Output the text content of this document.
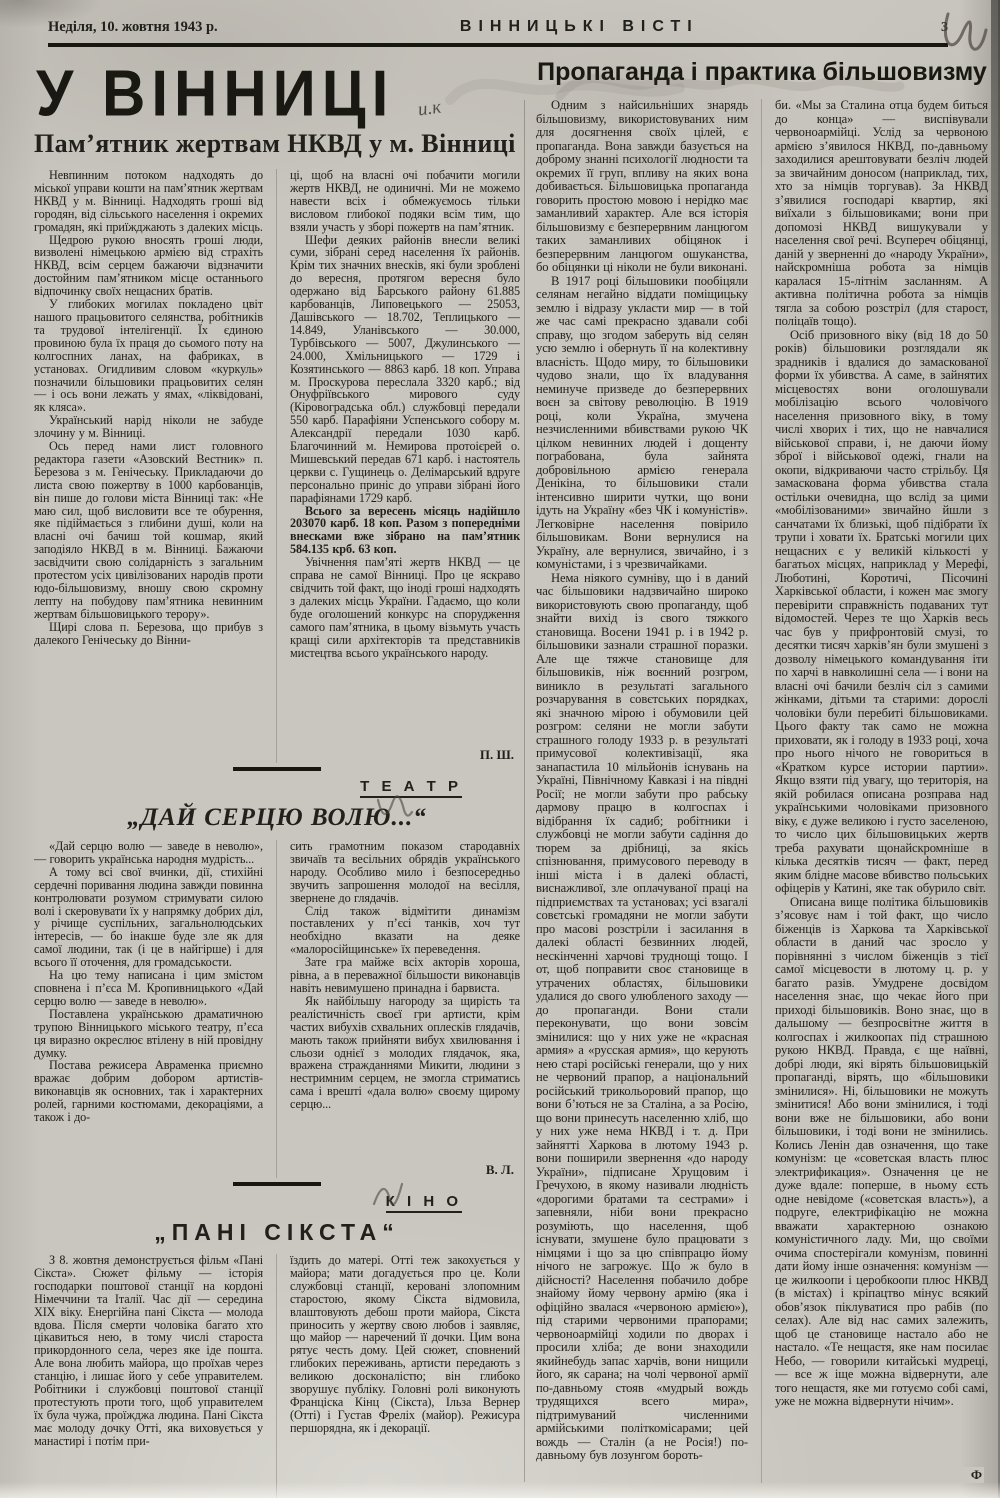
Неділя, 10. жовтня 1943 р.	ВІННИЦЬКІ ВІСТІ	3
У ВІННИЦІ
Пам’ятник жертвам НКВД у м. Вінниці

Невпинним потоком надходять до міської управи кошти на пам’ятник жертвам НКВД у м. Вінниці. Надходять гроші від городян, від сільського населення і окремих громадян, які приїжджають з далеких місць.

Щедрою рукою вносять гроші люди, визволені німецькою армією від страхіть НКВД, всім серцем бажаючи відзначити достойним пам’ятником місце останнього відпочинку своїх нещасних братів.

У глибоких могилах покладено цвіт нашого працьовитого селянства, робітників та трудової інтелігенції. Їх єдиною провиною була їх праця до сьомого поту на колгоспних ланах, на фабриках, в установах. Огидливим словом «куркуль» позначили більшовики працьовитих селян — і ось вони лежать у ямах, «ліквідовані, як кляса».

Український нарід ніколи не забуде злочину у м. Вінниці.

Ось перед нами лист головного редактора газети «Азовский Вестник» п. Березова з м. Генічеську. Прикладаючи до листа свою пожертву в 1000 карбованців, він пише до голови міста Вінниці так: «Не маю сил, щоб висловити все те обурення, яке підіймається з глибини душі, коли на власні очі бачиш той кошмар, який заподіяло НКВД в м. Вінниці. Бажаючи засвідчити свою солідарність з загальним протестом усіх цивілізованих народів проти юдо-більшовизму, вношу свою скромну лепту на побудову пам’ятника невинним жертвам більшовицького терору».

Щирі слова п. Березова, що прибув з далекого Генічеську до Вінни-

ці, щоб на власні очі побачити могили жертв НКВД, не одиничні. Ми не можемо навести всіх і обмежуємось тільки висловом глибокої подяки всім тим, що взяли участь у зборі пожертв на пам’ятник.

Шефи деяких районів внесли великі суми, зібрані серед населення їх районів. Крім тих значних внесків, які були зроблені до вересня, протягом вересня було одержано від Барського району 61.885 карбованців, Липовецького — 25053, Дашівського — 18.702, Теплицького — 14.849, Уланівського — 30.000, Турбівського — 5007, Джулинського — 24.000, Хмільницького — 1729 і Козятинського — 8863 карб. 18 коп. Управа м. Проскурова переслала 3320 карб.; від Онуфріївського мирового суду (Кіровоградська обл.) службовці передали 550 карб. Парафіяни Успенського собору м. Александрії передали 1030 карб. Благочинний м. Немирова протоієрей о. Мишевський передав 671 карб. і настоятель церкви с. Гущинець о. Делімарський вдруге персонально приніс до управи зібрані його парафіянами 1729 карб.

Всього за вересень місяць надійшло 203070 карб. 18 коп. Разом з попередніми внесками вже зібрано на пам’ятник 584.135 крб. 63 коп.

Увічнення пам’яті жертв НКВД — це справа не самої Вінниці. Про це яскраво свідчить той факт, що іноді гроші надходять з далеких місць України. Гадаємо, що коли буде оголошений конкурс на спорудження самого пам’ятника, в цьому візьмуть участь кращі сили архітекторів та представників мистецтва всього українського народу.

П. Ш.
Т Е А Т Р
„ДАЙ СЕРЦЮ ВОЛЮ...“

«Дай серцю волю — заведе в неволю», — говорить українська народня мудрість...

А тому всі свої вчинки, дії, стихійні сердечні поривання людина завжди повинна контролювати розумом стримувати силою волі і скеровувати їх у напрямку добрих діл, у річище суспільних, загальнолюдських інтересів, — бо інакше буде зле як для самої людини, так (і це в найгірше) і для всього її оточення, для громадськости.

На цю тему написана і цим змістом сповнена і п’єса М. Кропивницького «Дай серцю волю — заведе в неволю».

Поставлена українською драматичною трупою Вінницького міського театру, п’єса ця виразно окреслює втілену в ній провідну думку.

Постава режисера Авраменка приємно вражає добрим добором артистів-виконавців як основних, так і характерних ролей, гарними костюмами, декораціями, а також і до-

сить грамотним показом стародавніх звичаїв та весільних обрядів українського народу. Особливо мило і безпосередньо звучить запрошення молодої на весілля, звернене до глядачів.

Слід також відмітити динамізм поставлених у п’єсі танків, хоч тут необхідно вказати на деяке «малоросійщинське» їх переведення.

Зате гра майже всіх акторів хороша, рівна, а в переважної більшости виконавців навіть невимушено принадна і барвиста.

Як найбільшу нагороду за щирість та реалістичність своєї гри артисти, крім частих вибухів схвальних оплесків глядачів, мають також прийняти вибух хвилювання і сльози однієї з молодих глядачок, яка, вражена стражданнями Микити, людини з нестримним серцем, не змогла стриматись сама і врешті «дала волю» своєму щирому серцю...

В. Л.
К І Н О
„ПАНІ СІКСТА“

З 8. жовтня демонструється фільм «Пані Сікста». Сюжет фільму — історія господарки поштової станції на кордоні Німеччини та Італії. Час дії — середина XIX віку. Енергійна пані Сікста — молода вдова. Після смерти чоловіка багато хто цікавиться нею, в тому числі староста прикордонного села, через яке іде пошта. Але вона любить майора, що проїхав через станцію, і лишає його у себе управителем. Робітники і службовці поштової станції протестують проти того, щоб управителем їх була чужа, проїжджа людина. Пані Сікста має молоду дочку Отті, яка виховується у манастирі і потім при-

їздить до матері. Отті теж закохується у майора; мати догадується про це. Коли службовці станції, керовані злопомним старостою, якому Сікста відмовила, влаштовують дебош проти майора, Сікста приносить у жертву свою любов і заявляє, що майор — наречений її дочки. Цим вона рятує честь дому. Цей сюжет, сповнений глибоких переживань, артисти передають з великою досконалістю; він глибоко зворушує публіку. Головні ролі виконують Франціска Кінц (Сікста), Ільза Вернер (Отті) і Густав Фреліх (майор). Режисура першорядна, як і декорації.

Пропаганда і практика більшовизму

Одним з найсильніших знарядь більшовизму, використовуваних ним для досягнення своїх цілей, є пропаганда. Вона завжди базується на доброму знанні психології людности та окремих її груп, впливу на яких вона добивається. Більшовицька пропаганда говорить простою мовою і нерідко має заманливий характер. Але вся історія більшовизму є безперервним ланцюгом таких заманливих обіцянок і безперервним ланцюгом ошуканства, бо обіцянки ці ніколи не були виконані.

В 1917 році більшовики пообіцяли селянам негайно віддати поміщицьку землю і відразу укласти мир — в той же час самі прекрасно здавали собі справу, що згодом заберуть від селян усю землю і обернуть її на колективну власність. Щодо миру, то більшовики чудово знали, що їх владування неминуче призведе до безперервних воєн за світову революцію. В 1919 році, коли Україна, змучена незчисленними вбивствами рукою ЧК цілком невинних людей і дощенту пограбована, була зайнята добровільною армією генерала Денікіна, то більшовики стали інтенсивно ширити чутки, що вони ідуть на Україну «без ЧК і комуністів». Легковірне населення повірило більшовикам. Вони вернулися на Україну, але вернулися, звичайно, і з комуністами, і з чрезвичайками.

Нема ніякого сумніву, що і в даний час більшовики надзвичайно широко використовують свою пропаганду, щоб знайти вихід із свого тяжкого становища. Восени 1941 р. і в 1942 р. більшовики зазнали страшної поразки. Але ще тяжче становище для більшовиків, ніж воєнний розгром, виникло в результаті загального розчарування в совєтських порядках, які значною мірою і обумовили цей розгром: селяни не могли забути страшного голоду 1933 р. в результаті примусової колективізації, яка занапастила 10 мільйонів існувань на Україні, Північному Кавказі і на півдні Росії; не могли забути про рабську дармову працю в колгоспах і відібрання їх садиб; робітники і службовці не могли забути садіння до тюрем за дрібниці, за якісь спізнювання, примусового переводу в інші міста і в далекі області, виснажливої, зле оплачуваної праці на підприємствах та установах; усі взагалі совєтські громадяни не могли забути про масові розстріли і засилання в далекі області безвинних людей, нескінченні харчові труднощі тощо. І от, щоб поправити своє становище в утрачених областях, більшовики удалися до свого улюбленого заходу — до пропаганди. Вони стали переконувати, що вони зовсім змінилися: що у них уже не «красная армия» а «русская армия», що керують нею старі російські генерали, що у них не червоний прапор, а національний російський трикольоровий прапор, що вони б’ються не за Сталіна, а за Росію, що вони принесуть населенню хліб, що у них уже нема НКВД і т. д. При зайнятті Харкова в лютому 1943 р. вони поширили звернення «до народу України», підписане Хрущовим і Гречухою, в якому називали людність «дорогими братами та сестрами» і запевняли, ніби вони прекрасно розуміють, що населення, щоб існувати, змушене було працювати з німцями і що за цю співпрацю йому нічого не загрожує. Що ж було в дійсності? Населення побачило добре знайому йому червону армію (яка і офіційно звалася «червоною армією»), під старими червоними прапорами; червоноармійці ходили по дворах і просили хліба; де вони знаходили якийнебудь запас харчів, вони нищили його, як сарана; на чолі червоної армії по-давньому стояв «мудрый вождь трудящихся всего мира», підтримуваний численними армійськими політкомісарами; цей вождь — Сталін (а не Росія!) по-давньому був лозунгом бороть-

би. «Мы за Сталина отца будем биться до конца» — виспівували червоноармійці. Услід за червоною армією з’явилося НКВД, по-давньому заходилися арештовувати безліч людей за звичайним доносом (наприклад, тих, хто за німців торгував). За НКВД з’явилися господарі квартир, які виїхали з більшовиками; вони при допомозі НКВД вишукували у населення свої речі. Всупереч обіцянці, даній у зверненні до «народу України», найскромніша робота за німців каралася 15-літнім засланням. А активна політична робота за німців тягла за собою розстріл (для старост, поліцаїв тощо).

Осіб призовного віку (від 18 до 50 років) більшовики розглядали як зрадників і вдалися до замаскованої форми їх убивства. А саме, в зайнятих місцевостях вони оголошували мобілізацію всього чоловічого населення призовного віку, в тому числі хворих і тих, що не навчалися військової справи, і, не даючи йому зброї і військової одежі, гнали на окопи, відкриваючи часто стрільбу. Ця замаскована форма убивства стала остільки очевидна, що вслід за цими «мобілізованими» звичайно йшли з санчатами їх близькі, щоб підібрати їх трупи і ховати їх. Братські могили цих нещасних є у великій кількості у багатьох місцях, наприклад у Мерефі, Люботині, Коротичі, Пісочині Харківської области, і кожен має змогу перевірити справжність подаваних тут відомостей. Через те що Харків весь час був у прифронтовій смузі, то десятки тисяч харків’ян були змушені з дозволу німецького командування іти по харчі в навколишні села — і вони на власні очі бачили безліч сіл з самими жінками, дітьми та старими: дорослі чоловіки були перебиті більшовиками. Цього факту так само не можна приховати, як і голоду в 1933 році, хоча про нього нічого не говориться в «Кратком курсе истории партии». Якщо взяти під увагу, що територія, на якій робилася описана розправа над українськими чоловіками призовного віку, є дуже великою і густо заселеною, то число цих більшовицьких жертв треба рахувати щонайскромніше в кілька десятків тисяч — факт, перед яким блідне масове вбивство польських офіцерів у Катині, яке так обурило світ.

Описана вище політика більшовиків з’ясовує нам і той факт, що число біженців із Харкова та Харківської области в даний час зросло у порівнянні з числом біженців з тієї самої місцевости в лютому ц. р. у багато разів. Умудрене досвідом населення знає, що чекає його при приході більшовиків. Воно знає, що в дальшому — безпросвітне життя в колгоспах і жилкоопах під страшною рукою НКВД. Правда, є ще наївні, добрі люди, які вірять більшовицькій пропаганді, вірять, що «більшовики змінилися». Ні, більшовики не можуть змінитися! Або вони змінилися, і тоді вони вже не більшовики, або вони більшовики, і тоді вони не змінились. Колись Ленін дав означення, що таке комунізм: це «советская власть плюс электрификация». Означення це не дуже вдале: поперше, в ньому єсть одне невідоме («советская власть»), а подруге, електрифікацію не можна вважати характерною ознакою комуністичного ладу. Ми, що своїми очима спостерігали комунізм, повинні дати йому інше означення: комунізм — це жилкоопи і церобкоопи плюс НКВД (в містах) і кріпацтво мінус всякий обов’язок піклуватися про рабів (по селах). Але від нас самих залежить, щоб це становище настало або не настало. «Те нещастя, яке нам посилає Небо, — говорили китайські мудреці, — все ж іще можна відвернути, але того нещастя, яке ми готуємо собі самі, уже не можна відвернути нічим».

Ф
и.к
